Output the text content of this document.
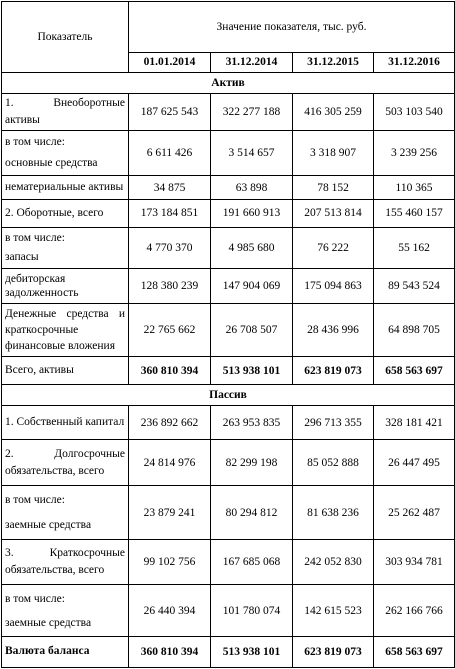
Показатель	Значение показателя, тыс. руб.			
	01.01.2014	31.12.2014	31.12.2015	31.12.2016
Актив				

1. Внеоборотные
активы	187 625 543	322 277 188	416 305 259	503 103 540

в том числе:
основные средства	6 611 426	3 514 657	3 318 907	3 239 256
нематериальные активы	34 875	63 898	78 152	110 365
2. Оборотные, всего	173 184 851	191 660 913	207 513 814	155 460 157

в том числе:
запасы	4 770 370	4 985 680	76 222	55 162

дебиторская
задолженность	128 380 239	147 904 069	175 094 863	89 543 524

Денежные средства и
краткосрочные
финансовые вложения	22 765 662	26 708 507	28 436 996	64 898 705
Всего, активы	360 810 394	513 938 101	623 819 073	658 563 697
Пассив				
1. Собственный капитал	236 892 662	263 953 835	296 713 355	328 181 421

2. Долгосрочные
обязательства, всего	24 814 976	82 299 198	85 052 888	26 447 495

в том числе:
заемные средства	23 879 241	80 294 812	81 638 236	25 262 487

3. Краткосрочные
обязательства, всего	99 102 756	167 685 068	242 052 830	303 934 781

в том числе:
заемные средства	26 440 394	101 780 074	142 615 523	262 166 766
Валюта баланса	360 810 394	513 938 101	623 819 073	658 563 697
